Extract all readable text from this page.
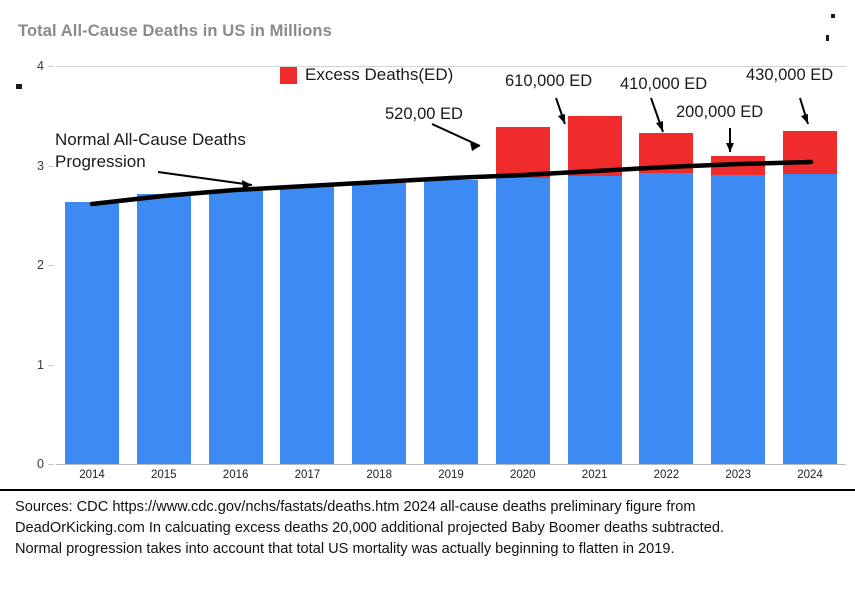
Total All-Cause Deaths in US in Millions
0
1
2
3
4
2014	2015	2016	2017	2018	2019	2020	2021	2022	2023	2024
Excess Deaths(ED)
Normal All-Cause Deaths
Progression
520,00 ED
610,000 ED 410,000 ED
200,000 ED
430,000 ED
Sources: CDC https://www.cdc.gov/nchs/fastats/deaths.htm 2024 all-cause deaths preliminary figure from
DeadOrKicking.com In calcuating excess deaths 20,000 additional projected Baby Boomer deaths subtracted.
Normal progression takes into account that total US mortality was actually beginning to flatten in 2019.
